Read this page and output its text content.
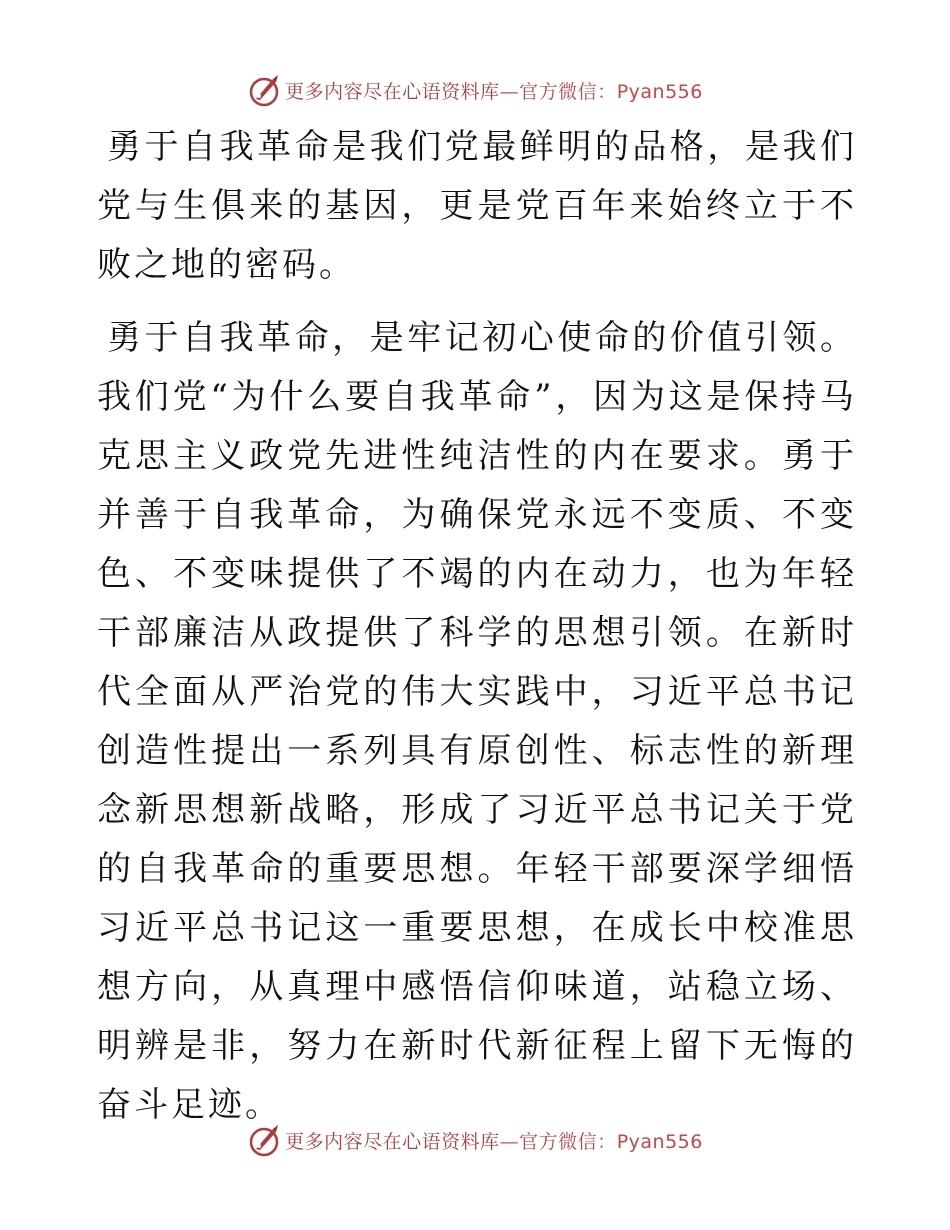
更多内容尽在心语资料库—官方微信：Pyan556

勇于自我革命是我们党最鲜明的品格，是我们党与生俱来的基因，更是党百年来始终立于不败之地的密码。

勇于自我革命，是牢记初心使命的价值引领。我们党“为什么要自我革命”，因为这是保持马克思主义政党先进性纯洁性的内在要求。勇于并善于自我革命，为确保党永远不变质、不变色、不变味提供了不竭的内在动力，也为年轻干部廉洁从政提供了科学的思想引领。在新时代全面从严治党的伟大实践中，习近平总书记创造性提出一系列具有原创性、标志性的新理念新思想新战略，形成了习近平总书记关于党的自我革命的重要思想。年轻干部要深学细悟习近平总书记这一重要思想，在成长中校准思想方向，从真理中感悟信仰味道，站稳立场、明辨是非，努力在新时代新征程上留下无悔的奋斗足迹。

更多内容尽在心语资料库—官方微信：Pyan556
